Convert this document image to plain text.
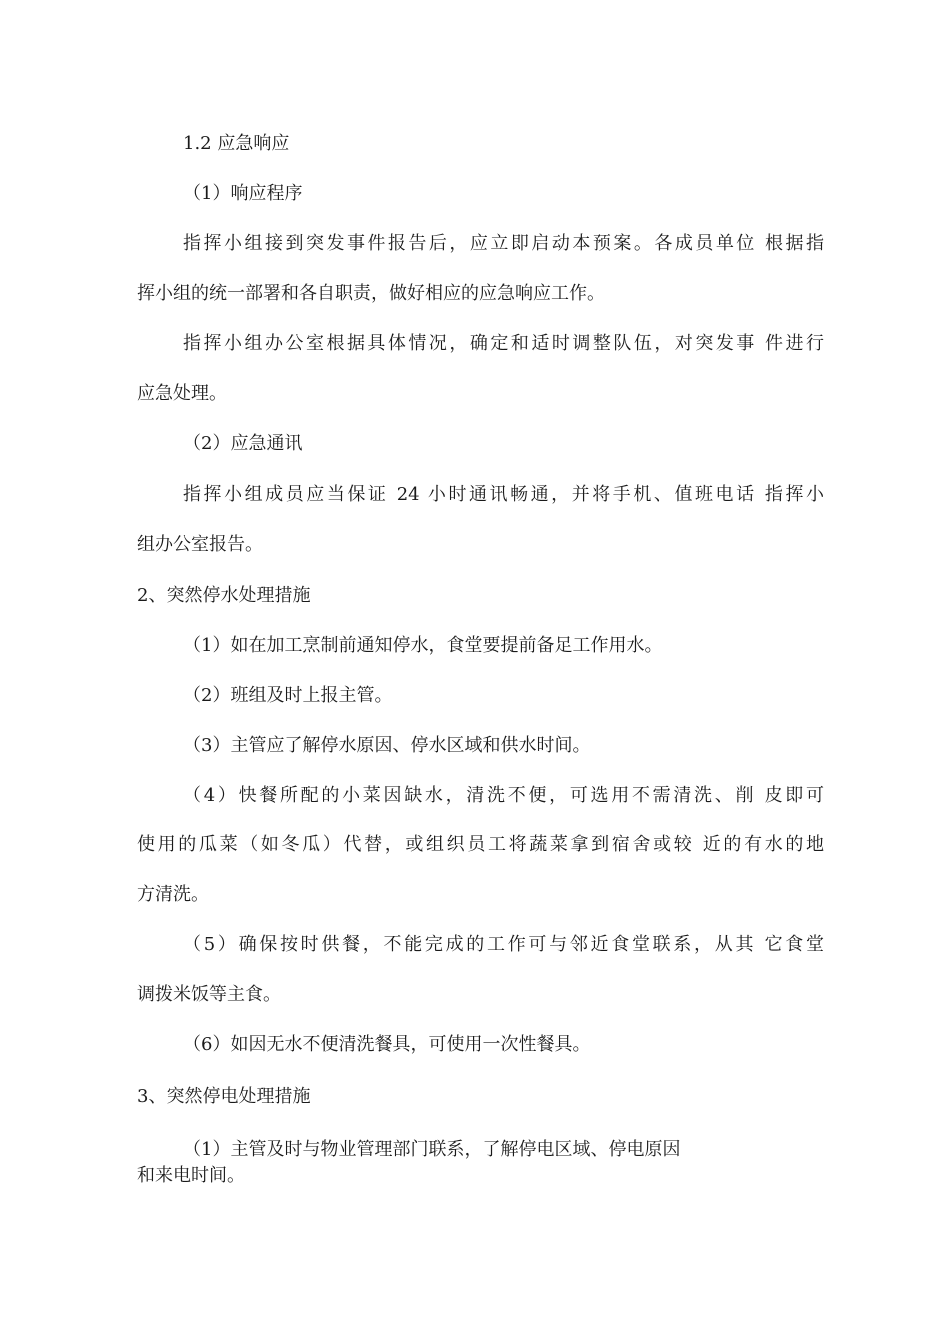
1.2 应急响应
（1）响应程序
指挥小组接到突发事件报告后，应立即启动本预案。各成员单位 根据指
挥小组的统一部署和各自职责，做好相应的应急响应工作。
指挥小组办公室根据具体情况，确定和适时调整队伍，对突发事 件进行
应急处理。
（2）应急通讯
指挥小组成员应当保证 24 小时通讯畅通，并将手机、值班电话 指挥小
组办公室报告。
2、突然停水处理措施
（1）如在加工烹制前通知停水，食堂要提前备足工作用水。
（2）班组及时上报主管。
（3）主管应了解停水原因、停水区域和供水时间。
（4）快餐所配的小菜因缺水，清洗不便，可选用不需清洗、削 皮即可
使用的瓜菜（如冬瓜）代替，或组织员工将蔬菜拿到宿舍或较 近的有水的地
方清洗。
（5）确保按时供餐，不能完成的工作可与邻近食堂联系，从其 它食堂
调拨米饭等主食。
（6）如因无水不便清洗餐具，可使用一次性餐具。
3、突然停电处理措施
（1）主管及时与物业管理部门联系，了解停电区域、停电原因
和来电时间。
